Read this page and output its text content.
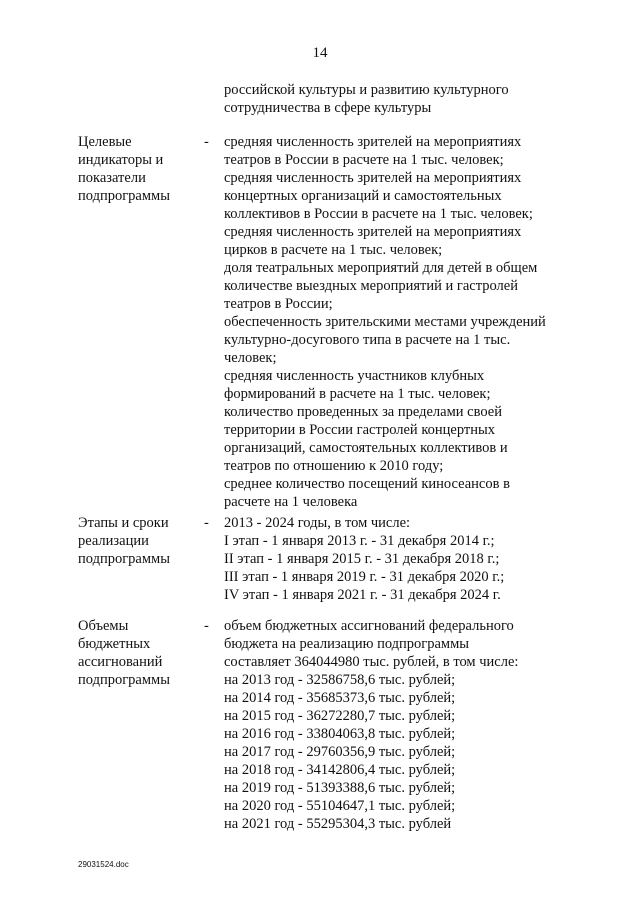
14
российской культуры и развитию культурного
сотрудничества в сфере культуры
Целевые
индикаторы и
показатели
подпрограммы
- средняя численность зрителей на мероприятиях
театров в России в расчете на 1 тыс. человек;
средняя численность зрителей на мероприятиях
концертных организаций и самостоятельных
коллективов в России в расчете на 1 тыс. человек;
средняя численность зрителей на мероприятиях
цирков в расчете на 1 тыс. человек;
доля театральных мероприятий для детей в общем
количестве выездных мероприятий и гастролей
театров в России;
обеспеченность зрительскими местами учреждений
культурно-досугового типа в расчете на 1 тыс.
человек;
средняя численность участников клубных
формирований в расчете на 1 тыс. человек;
количество проведенных за пределами своей
территории в России гастролей концертных
организаций, самостоятельных коллективов и
театров по отношению к 2010 году;
среднее количество посещений киносеансов в
расчете на 1 человека
Этапы и сроки
реализации
подпрограммы
- 2013 - 2024 годы, в том числе:
I этап - 1 января 2013 г. - 31 декабря 2014 г.;
II этап - 1 января 2015 г. - 31 декабря 2018 г.;
III этап - 1 января 2019 г. - 31 декабря 2020 г.;
IV этап - 1 января 2021 г. - 31 декабря 2024 г.
Объемы
бюджетных
ассигнований
подпрограммы
- объем бюджетных ассигнований федерального
бюджета на реализацию подпрограммы
составляет 364044980 тыс. рублей, в том числе:
на 2013 год - 32586758,6 тыс. рублей;
на 2014 год - 35685373,6 тыс. рублей;
на 2015 год - 36272280,7 тыс. рублей;
на 2016 год - 33804063,8 тыс. рублей;
на 2017 год - 29760356,9 тыс. рублей;
на 2018 год - 34142806,4 тыс. рублей;
на 2019 год - 51393388,6 тыс. рублей;
на 2020 год - 55104647,1 тыс. рублей;
на 2021 год - 55295304,3 тыс. рублей
29031524.doc
